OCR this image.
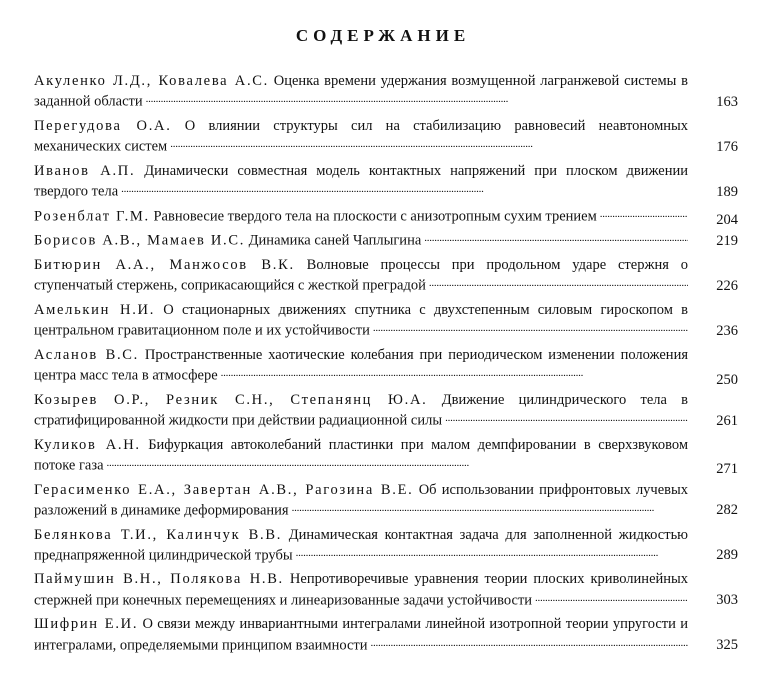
СОДЕРЖАНИЕ
Акуленко Л.Д., Ковалева А.С. Оценка времени удержания возмущенной лагранжевой системы в заданной области . . .	163
Перегудова О.А. О влиянии структуры сил на стабилизацию равновесий неавтономных механических систем . . .	176
Иванов А.П. Динамически совместная модель контактных напряжений при плоском движении твердого тела . . .	189
Розенблат Г.М. Равновесие твердого тела на плоскости с анизотропным сухим трением . . .	204
Борисов А.В., Мамаев И.С. Динамика саней Чаплыгина . . .	219
Битюрин А.А., Манжосов В.К. Волновые процессы при продольном ударе стержня о ступенчатый стержень, соприкасающийся с жесткой преградой . . .	226
Амелькин Н.И. О стационарных движениях спутника с двухстепенным силовым гироскопом в центральном гравитационном поле и их устойчивости . . .	236
Асланов В.С. Пространственные хаотические колебания при периодическом изменении положения центра масс тела в атмосфере . . .	250
Козырев О.Р., Резник С.Н., Степанянц Ю.А. Движение цилиндрического тела в стратифицированной жидкости при действии радиационной силы . . .	261
Куликов А.Н. Бифуркация автоколебаний пластинки при малом демпфировании в сверхзвуковом потоке газа . . .	271
Герасименко Е.А., Завертан А.В., Рагозина В.Е. Об использовании прифронтовых лучевых разложений в динамике деформирования . . .	282
Белянкова Т.И., Калинчук В.В. Динамическая контактная задача для заполненной жидкостью преднапряженной цилиндрической трубы . . .	289
Паймушин В.Н., Полякова Н.В. Непротиворечивые уравнения теории плоских криволинейных стержней при конечных перемещениях и линеаризованные задачи устойчивости . . .	303
Шифрин Е.И. О связи между инвариантными интегралами линейной изотропной теории упругости и интегралами, определяемыми принципом взаимности . . .	325
